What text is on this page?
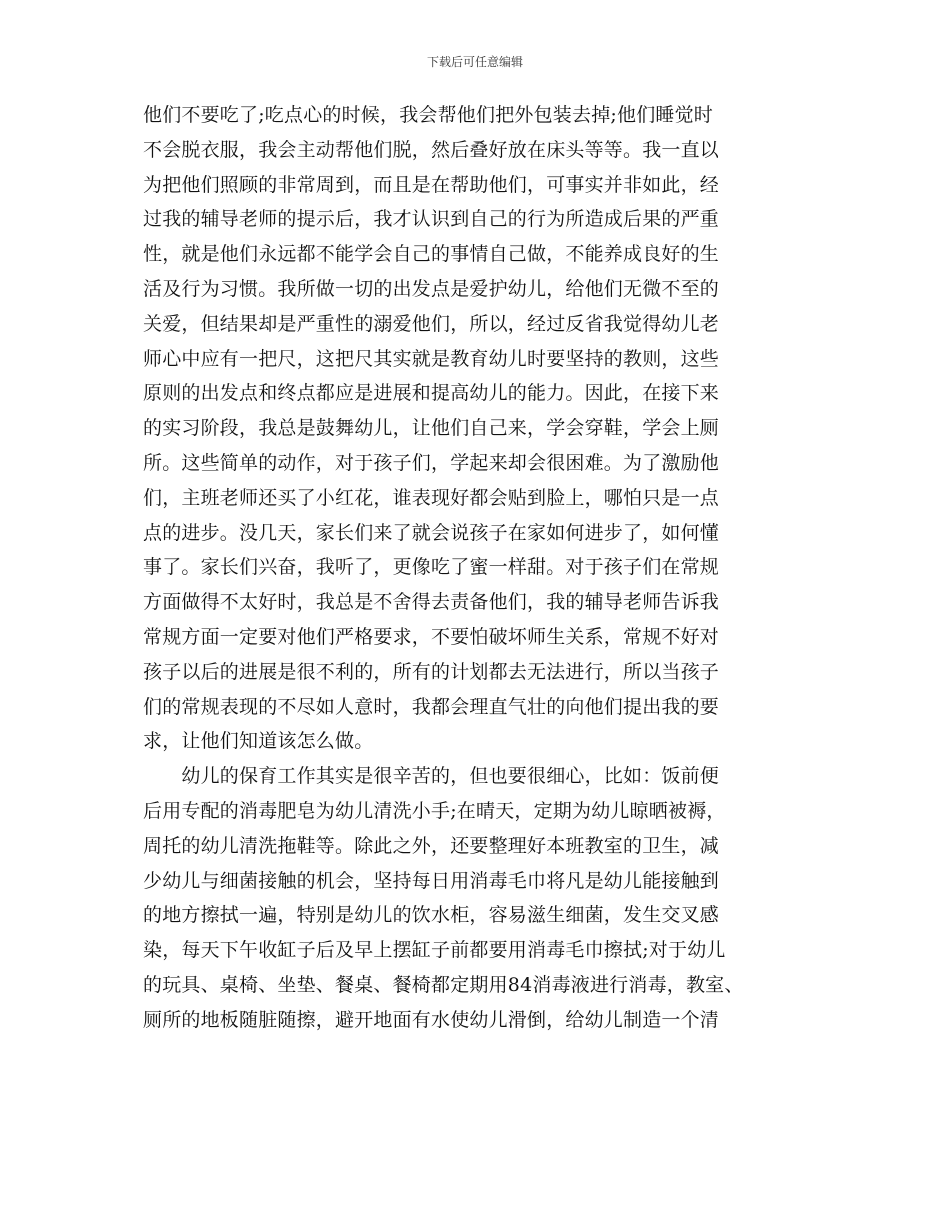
下载后可任意编辑
他们不要吃了;吃点心的时候，我会帮他们把外包装去掉;他们睡觉时
不会脱衣服，我会主动帮他们脱，然后叠好放在床头等等。我一直以
为把他们照顾的非常周到，而且是在帮助他们，可事实并非如此，经
过我的辅导老师的提示后，我才认识到自己的行为所造成后果的严重
性，就是他们永远都不能学会自己的事情自己做，不能养成良好的生
活及行为习惯。我所做一切的出发点是爱护幼儿，给他们无微不至的
关爱，但结果却是严重性的溺爱他们，所以，经过反省我觉得幼儿老
师心中应有一把尺，这把尺其实就是教育幼儿时要坚持的教则，这些
原则的出发点和终点都应是进展和提高幼儿的能力。因此，在接下来
的实习阶段，我总是鼓舞幼儿，让他们自己来，学会穿鞋，学会上厕
所。这些简单的动作，对于孩子们，学起来却会很困难。为了激励他
们，主班老师还买了小红花，谁表现好都会贴到脸上，哪怕只是一点
点的进步。没几天，家长们来了就会说孩子在家如何进步了，如何懂
事了。家长们兴奋，我听了，更像吃了蜜一样甜。对于孩子们在常规
方面做得不太好时，我总是不舍得去责备他们，我的辅导老师告诉我
常规方面一定要对他们严格要求，不要怕破坏师生关系，常规不好对
孩子以后的进展是很不利的，所有的计划都去无法进行，所以当孩子
们的常规表现的不尽如人意时，我都会理直气壮的向他们提出我的要
求，让他们知道该怎么做。
　　幼儿的保育工作其实是很辛苦的，但也要很细心，比如：饭前便
后用专配的消毒肥皂为幼儿清洗小手;在晴天，定期为幼儿晾晒被褥，
周托的幼儿清洗拖鞋等。除此之外，还要整理好本班教室的卫生，减
少幼儿与细菌接触的机会，坚持每日用消毒毛巾将凡是幼儿能接触到
的地方擦拭一遍，特别是幼儿的饮水柜，容易滋生细菌，发生交叉感
染，每天下午收缸子后及早上摆缸子前都要用消毒毛巾擦拭;对于幼儿
的玩具、桌椅、坐垫、餐桌、餐椅都定期用84消毒液进行消毒，教室、
厕所的地板随脏随擦，避开地面有水使幼儿滑倒，给幼儿制造一个清
